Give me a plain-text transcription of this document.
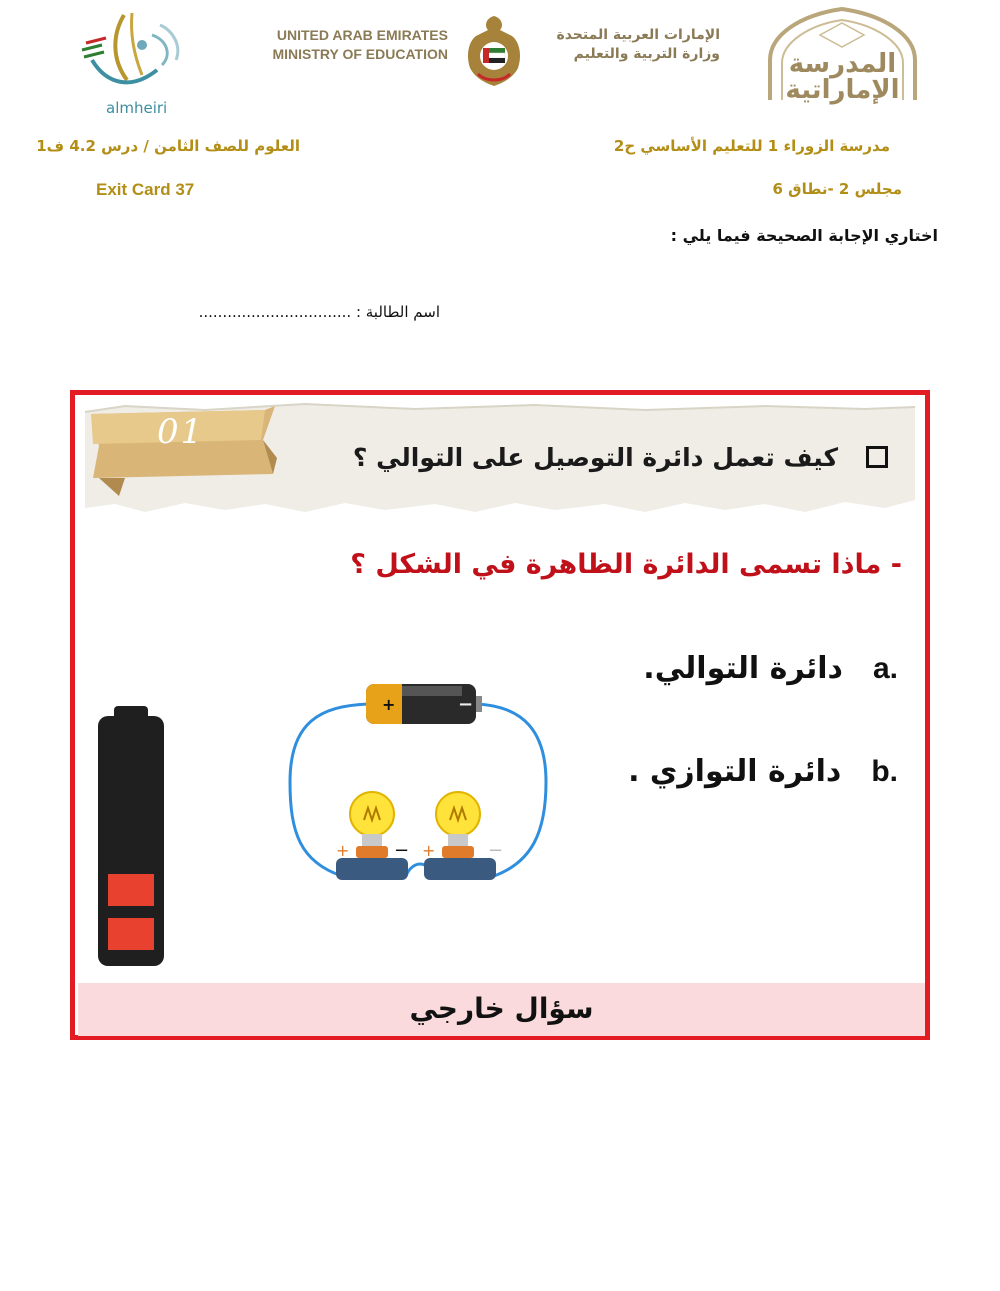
almheiri
UNITED ARAB EMIRATES
MINISTRY OF EDUCATION
الإمارات العربية المتحدة
وزارة التربية والتعليم	المدرسة
الإماراتية
مدرسة الزوراء 1 للتعليم الأساسي ح2
العلوم للصف الثامن / درس 4.2 ف1
مجلس 2 -نطاق 6
Exit Card 37
اختاري الإجابة الصحيحة فيما يلي :
اسم الطالبة : ................................
01
كيف تعمل دائرة التوصيل على التوالي ؟
- ماذا تسمى الدائرة الظاهرة في الشكل ؟
دائرة التوالي. a.
دائرة التوازي . b.
+	−
+ − +	−
سؤال خارجي
